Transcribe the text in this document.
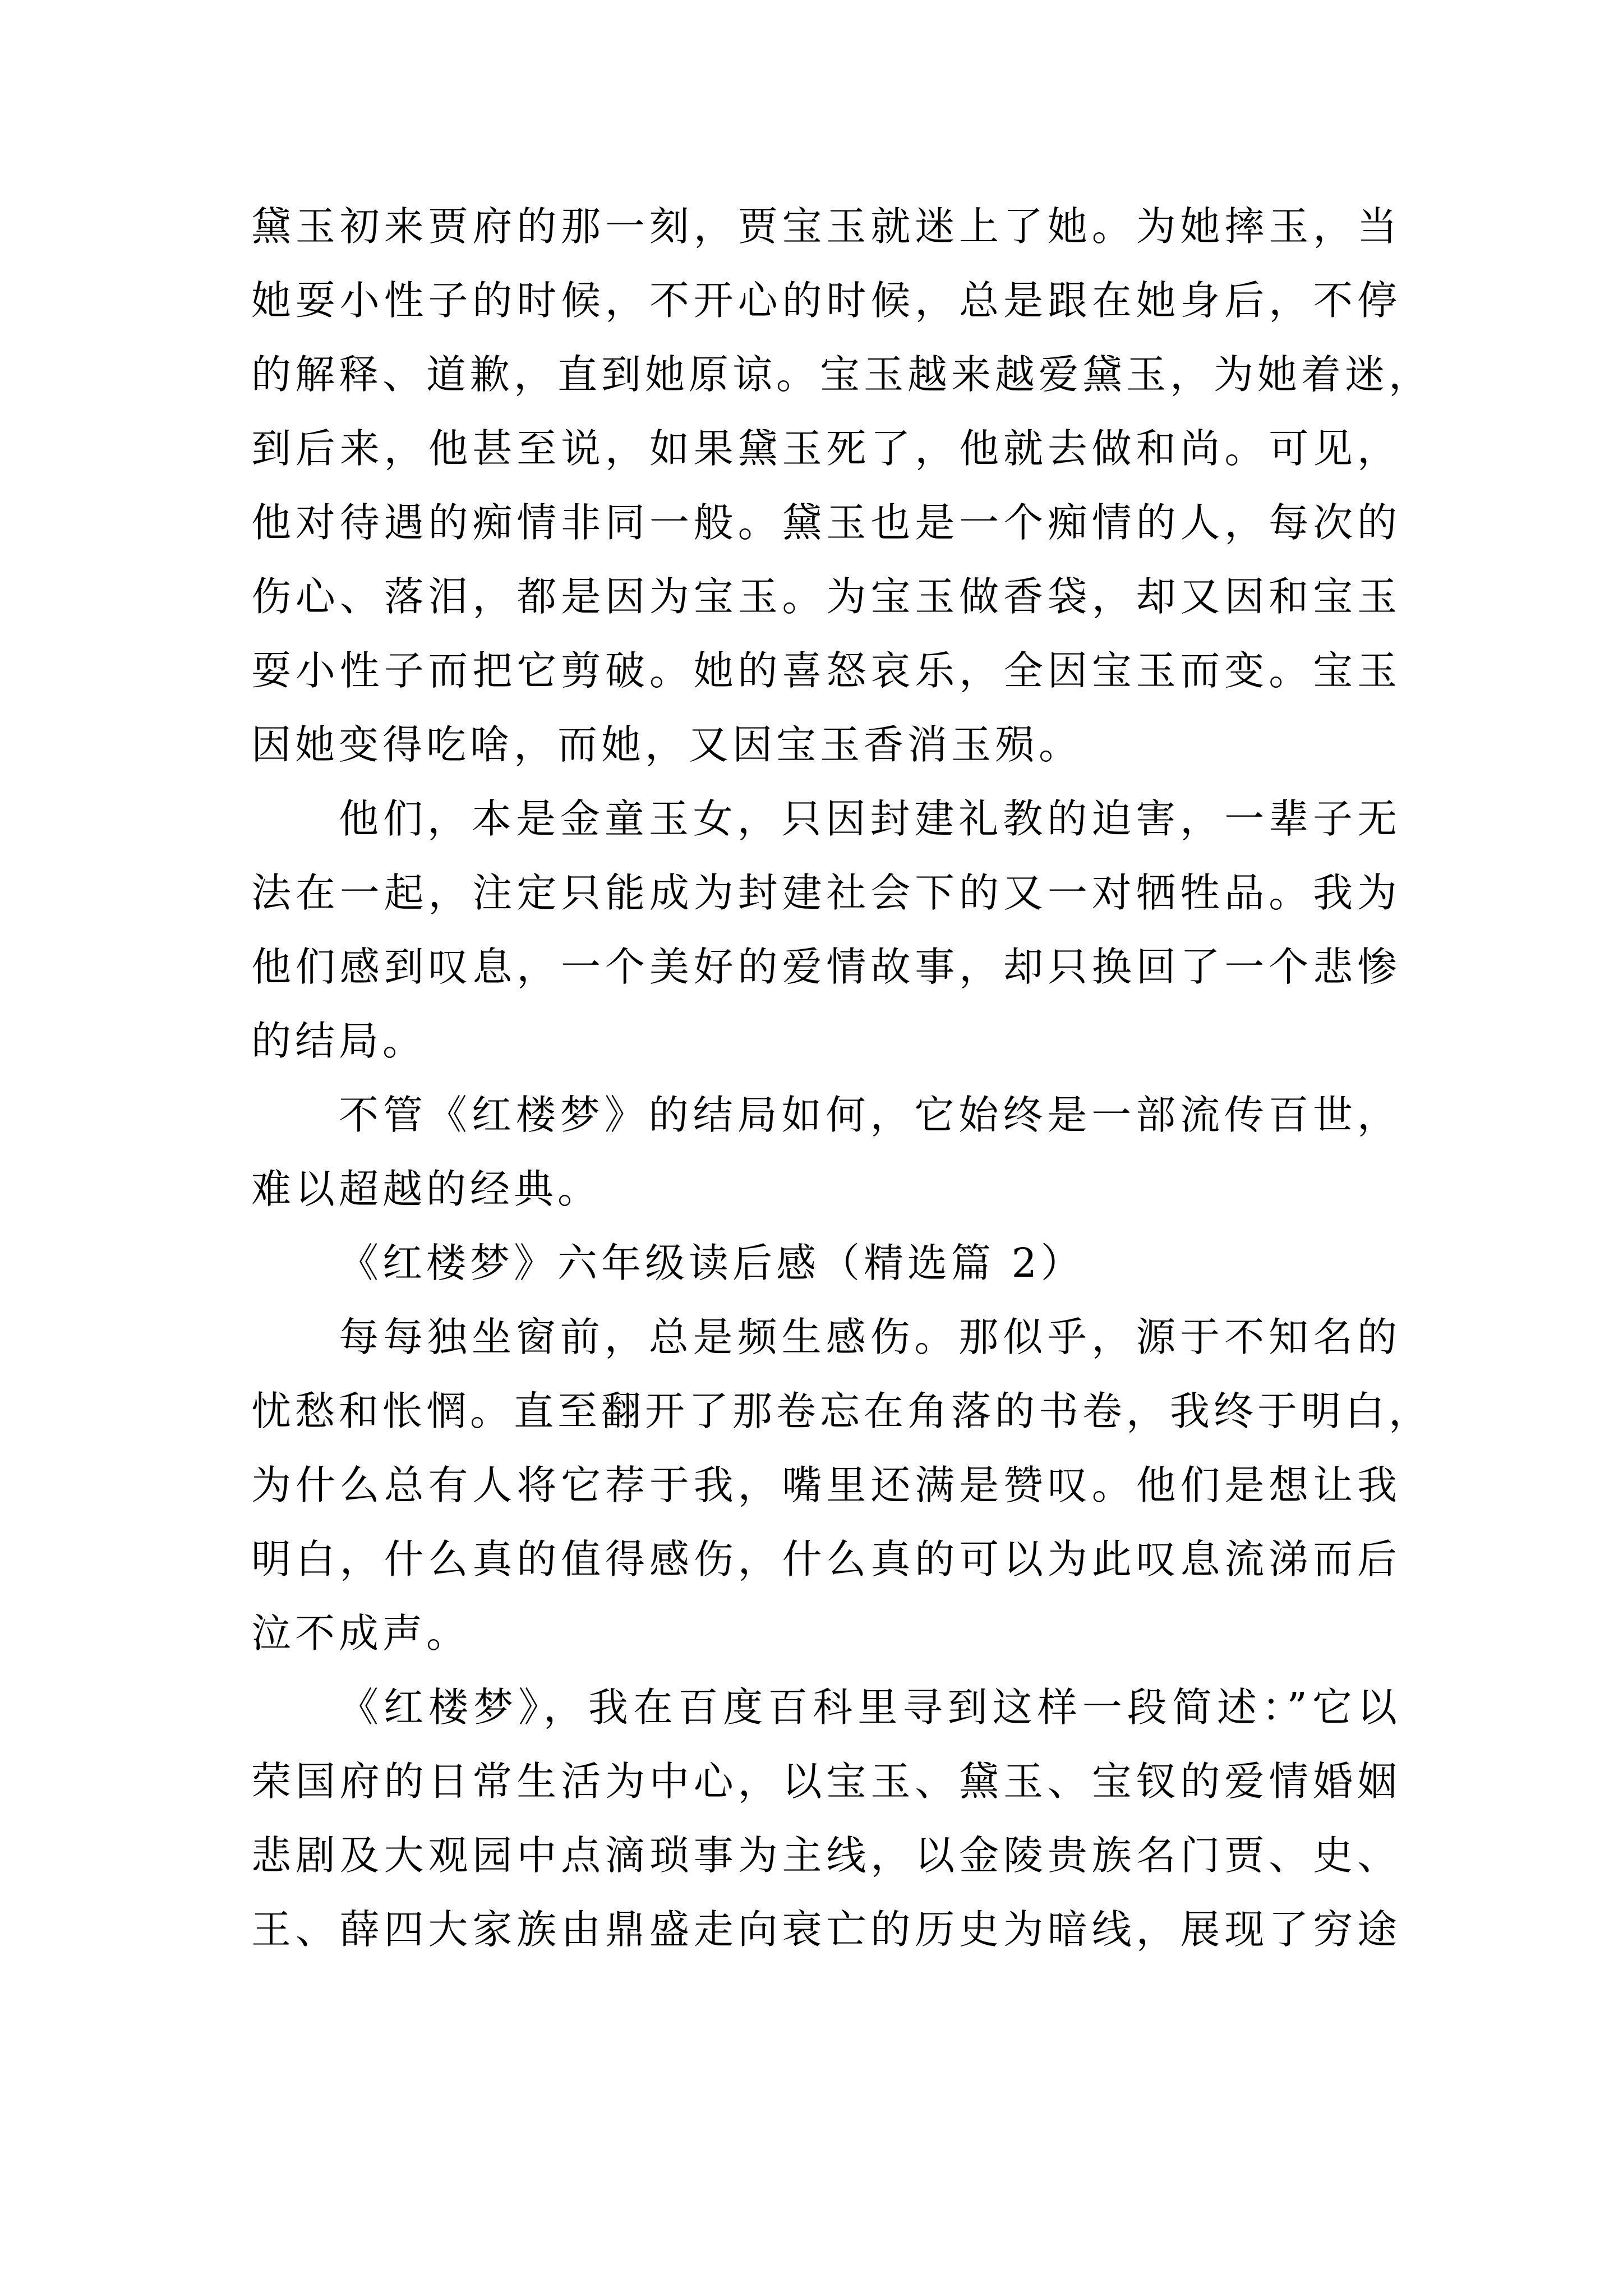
黛玉初来贾府的那一刻，贾宝玉就迷上了她。为她摔玉，当
她耍小性子的时候，不开心的时候，总是跟在她身后，不停
的解释、道歉，直到她原谅。宝玉越来越爱黛玉，为她着迷，
到后来，他甚至说，如果黛玉死了，他就去做和尚。可见，
他对待遇的痴情非同一般。黛玉也是一个痴情的人，每次的
伤心、落泪，都是因为宝玉。为宝玉做香袋，却又因和宝玉
耍小性子而把它剪破。她的喜怒哀乐，全因宝玉而变。宝玉
因她变得吃啥，而她，又因宝玉香消玉殒。
他们，本是金童玉女，只因封建礼教的迫害，一辈子无
法在一起，注定只能成为封建社会下的又一对牺牲品。我为
他们感到叹息，一个美好的爱情故事，却只换回了一个悲惨
的结局。
不管《红楼梦》的结局如何，它始终是一部流传百世，
难以超越的经典。
《红楼梦》六年级读后感（精选篇 2）
每每独坐窗前，总是频生感伤。那似乎，源于不知名的
忧愁和怅惘。直至翻开了那卷忘在角落的书卷，我终于明白，
为什么总有人将它荐于我，嘴里还满是赞叹。他们是想让我
明白，什么真的值得感伤，什么真的可以为此叹息流涕而后
泣不成声。
《红楼梦》，我在百度百科里寻到这样一段简述：”它以
荣国府的日常生活为中心，以宝玉、黛玉、宝钗的爱情婚姻
悲剧及大观园中点滴琐事为主线，以金陵贵族名门贾、史、
王、薛四大家族由鼎盛走向衰亡的历史为暗线，展现了穷途
